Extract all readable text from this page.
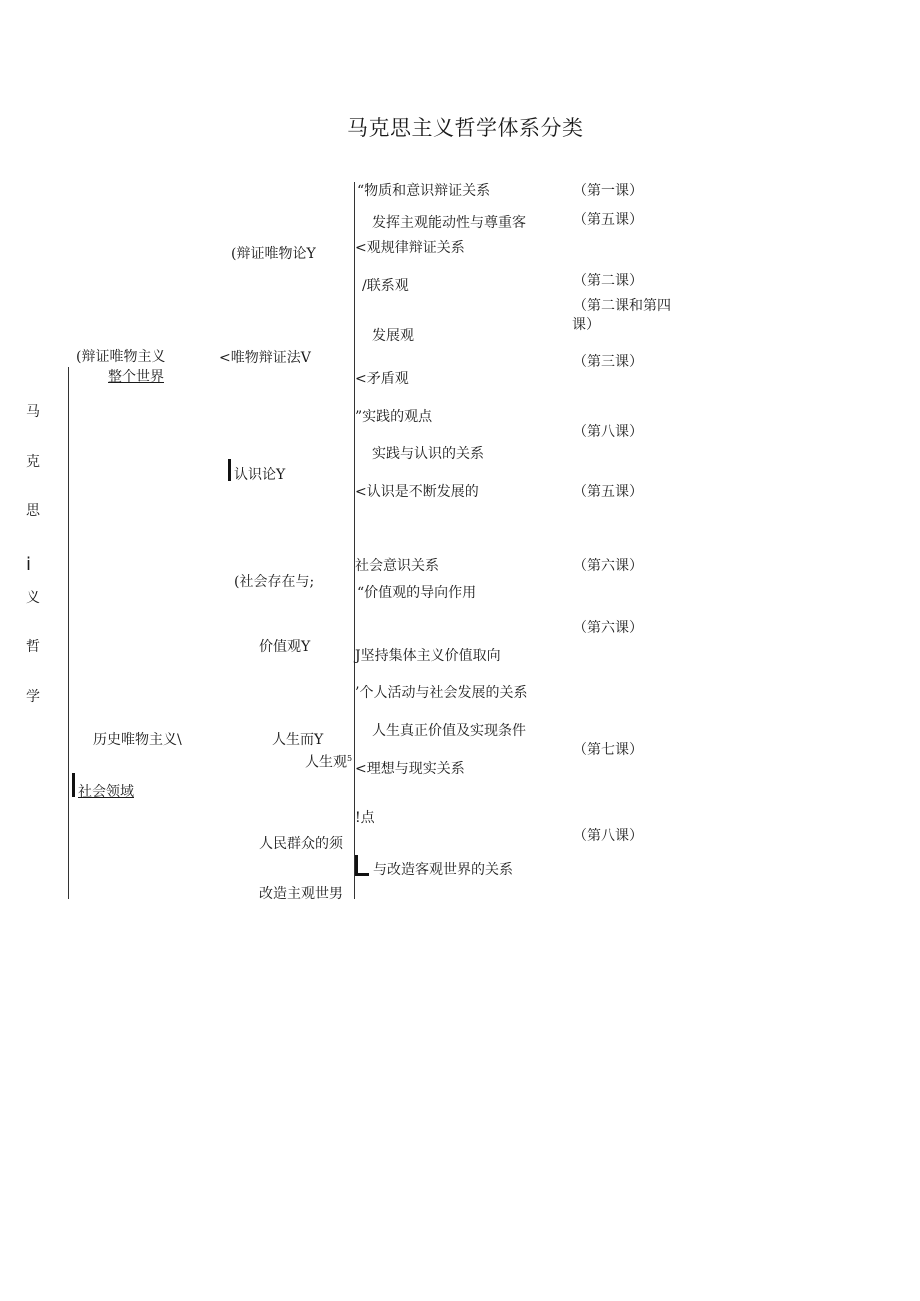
马克思主义哲学体系分类
马
克
思
i
义
哲
学
(辩证唯物主义
整个世界
历史唯物主义\
社会领域
(辩证唯物论Y
<唯物辩证法V
认识论Y
(社会存在与;
价值观Y
人生而Y
人生观$^5$
人民群众的须
改造主观世男
“物质和意识辩证关系
发挥主观能动性与尊重客
<观规律辩证关系
/联系观
发展观
<矛盾观
”实践的观点
实践与认识的关系
<认识是不断发展的
社会意识关系
“价值观的导向作用
J坚持集体主义价值取向
’个人活动与社会发展的关系
人生真正价值及实现条件
<理想与现实关系
!点
与改造客观世界的关系
（第一课）
（第五课）
（第二课）
（第二课和第四
课）
（第三课）
（第八课）
（第五课）
（第六课）
（第六课）
（第七课）
（第八课）
